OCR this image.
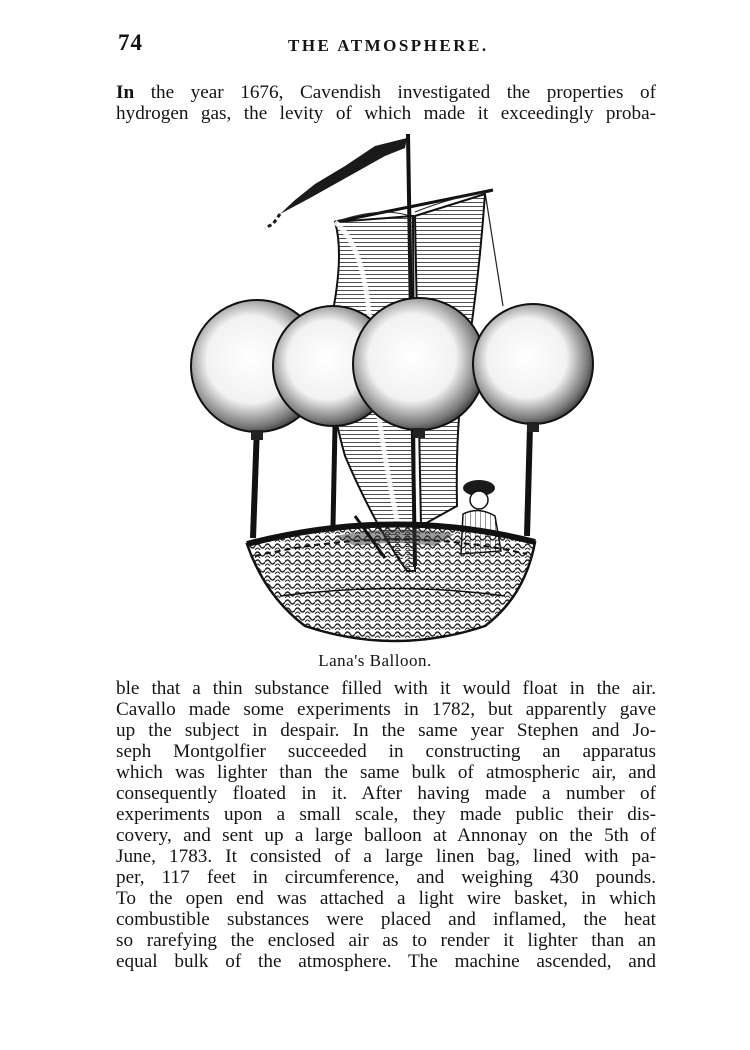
74	THE ATMOSPHERE.
In the year 1676, Cavendish investigated the properties of
hydrogen gas, the levity of which made it exceedingly proba-
Lana's Balloon.
ble that a thin substance filled with it would float in the air.
Cavallo made some experiments in 1782, but apparently gave
up the subject in despair. In the same year Stephen and Jo-
seph Montgolfier succeeded in constructing an apparatus
which was lighter than the same bulk of atmospheric air, and
consequently floated in it. After having made a number of
experiments upon a small scale, they made public their dis-
covery, and sent up a large balloon at Annonay on the 5th of
June, 1783. It consisted of a large linen bag, lined with pa-
per, 117 feet in circumference, and weighing 430 pounds.
To the open end was attached a light wire basket, in which
combustible substances were placed and inflamed, the heat
so rarefying the enclosed air as to render it lighter than an
equal bulk of the atmosphere. The machine ascended, and
